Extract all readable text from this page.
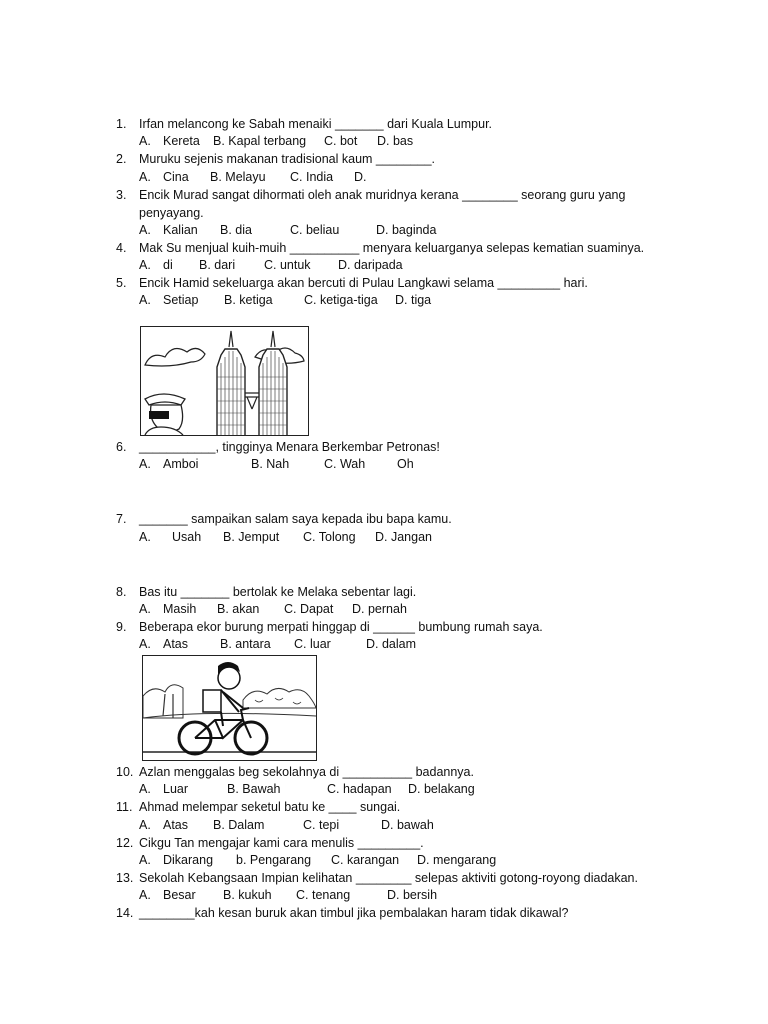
1. Irfan melancong ke Sabah menaiki _______ dari Kuala Lumpur.
A. Kereta B. Kapal terbang C. bot D. bas
2. Muruku sejenis makanan tradisional kaum ________.
A. Cina B. Melayu C. India D.
3. Encik Murad sangat dihormati oleh anak muridnya kerana ________ seorang guru yang
penyayang.
A. Kalian B. dia	C. beliau	D. baginda
4. Mak Su menjual kuih-muih __________ menyara keluarganya selepas kematian suaminya.
A. di B. dari C. untuk D. daripada
5. Encik Hamid sekeluarga akan bercuti di Pulau Langkawi selama _________ hari.
A. Setiap B. ketiga	C. ketiga-tiga D. tiga
6. ___________, tingginya Menara Berkembar Petronas!
A. Amboi	B. Nah	C. Wah	Oh
7. _______ sampaikan salam saya kepada ibu bapa kamu.
A. Usah B. Jemput C. Tolong D. Jangan
8. Bas itu _______ bertolak ke Melaka sebentar lagi.
A. Masih B. akan C. Dapat D. pernah
9. Beberapa ekor burung merpati hinggap di ______ bumbung rumah saya.
A. Atas	B. antara C. luar	D. dalam
10. Azlan menggalas beg sekolahnya di __________ badannya.
A. Luar	B. Bawah	C. hadapan D. belakang
11. Ahmad melempar seketul batu ke ____ sungai.
A. Atas B. Dalam	C. tepi	D. bawah
12. Cikgu Tan mengajar kami cara menulis _________.
A. Dikarang b. Pengarang C. karangan D. mengarang
13. Sekolah Kebangsaan Impian kelihatan ________ selepas aktiviti gotong-royong diadakan.
A. Besar B. kukuh C. tenang	D. bersih
14. ________kah kesan buruk akan timbul jika pembalakan haram tidak dikawal?
